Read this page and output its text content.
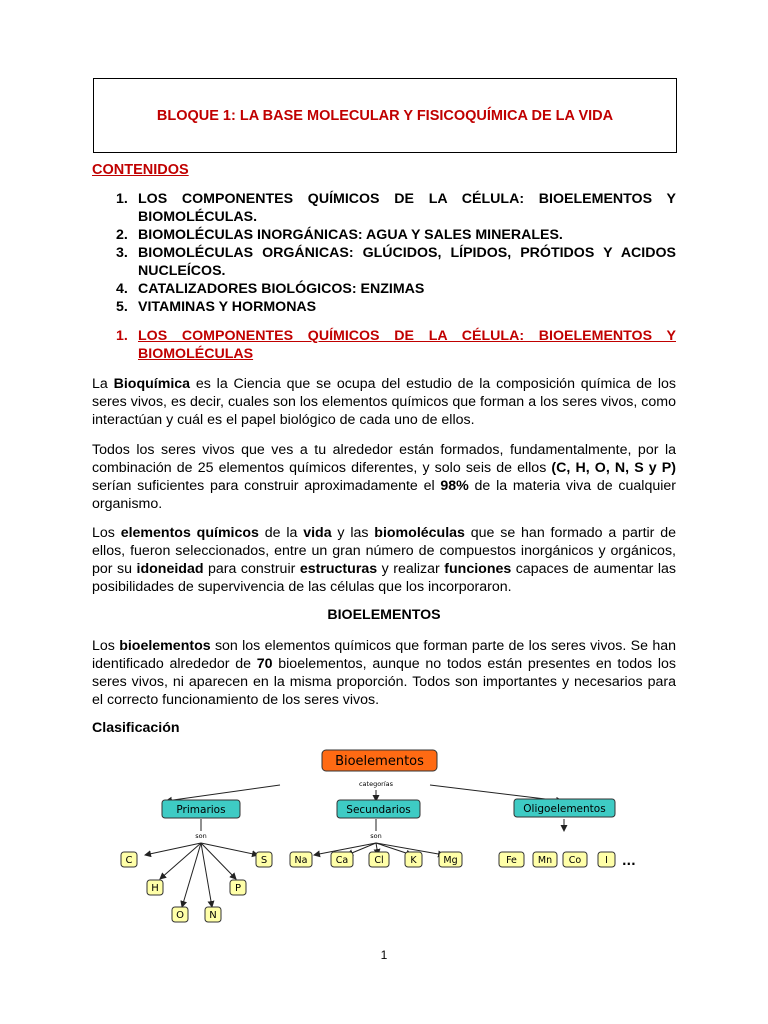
BLOQUE 1: LA BASE MOLECULAR Y FISICOQUÍMICA DE LA VIDA
CONTENIDOS
1. LOS COMPONENTES QUÍMICOS DE LA CÉLULA: BIOELEMENTOS Y BIOMOLÉCULAS.
2. BIOMOLÉCULAS INORGÁNICAS: AGUA Y SALES MINERALES.
3. BIOMOLÉCULAS ORGÁNICAS: GLÚCIDOS, LÍPIDOS, PRÓTIDOS Y ACIDOS NUCLEÍCOS.
4. CATALIZADORES BIOLÓGICOS: ENZIMAS
5. VITAMINAS Y HORMONAS
1. LOS COMPONENTES QUÍMICOS DE LA CÉLULA: BIOELEMENTOS Y
BIOMOLÉCULAS

La Bioquímica es la Ciencia que se ocupa del estudio de la composición química de los seres vivos, es decir, cuales son los elementos químicos que forman a los seres vivos, como interactúan y cuál es el papel biológico de cada uno de ellos.

Todos los seres vivos que ves a tu alrededor están formados, fundamentalmente, por la combinación de 25 elementos químicos diferentes, y solo seis de ellos (C, H, O, N, S y P) serían suficientes para construir aproximadamente el 98% de la materia viva de cualquier organismo.

Los elementos químicos de la vida y las biomoléculas que se han formado a partir de ellos, fueron seleccionados, entre un gran número de compuestos inorgánicos y orgánicos, por su idoneidad para construir estructuras y realizar funciones capaces de aumentar las posibilidades de supervivencia de las células que los incorporaron.

BIOELEMENTOS

Los bioelementos son los elementos químicos que forman parte de los seres vivos. Se han identificado alrededor de 70 bioelementos, aunque no todos están presentes en todos los seres vivos, ni aparecen en la misma proporción. Todos son importantes y necesarios para el correcto funcionamiento de los seres vivos.

Clasificación
Bioelementos
categorías
Primarios	Secundarios	Oligoelementos
son	son
C	S
H	P
O	N
Na	Ca	Cl	K	Mg	Fe Mn Co	I ...
1
